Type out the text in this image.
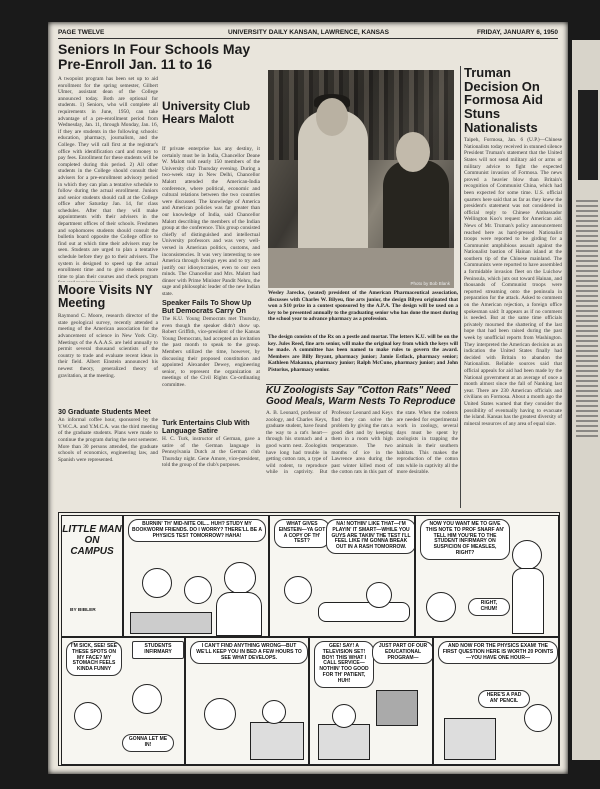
PAGE TWELVE	UNIVERSITY DAILY KANSAN, LAWRENCE, KANSAS	FRIDAY, JANUARY 6, 1950
Seniors In Four Schools May Pre-Enroll Jan. 11 to 16
A twopoint program has been set up to aid enrollment for the spring semester, Gilbert Ulmer, assistant dean of the College announced today. Both are optional for students. 1) Seniors, who will complete all requirements in June, 1950, can take advantage of a pre-enrollment period from Wednesday, Jan. 11, through Monday, Jan. 16, if they are students in the following schools: education, pharmacy, journalism, and the College. They will call first at the registrar's office with identification card and money to pay fees. Enrollment for these students will be completed during this period. 2) All other students in the College should consult their advisers for a pre-enrollment advisory period in which they can plan a tentative schedule to follow during the actual enrollment. Juniors and senior students should call at the College office after Saturday Jan. 14, for class schedules. After that they will make appointments with their advisers in the department offices of their schools. Freshmen and sophomores students should consult the bulletin board opposite the College office to find out at which time their advisers may be seen. Students are urged to plan a tentative schedule before they go to their advisers. The system is designed to speed up the actual enrollment time and to give students more time to plan their courses and check program
University Club Hears Malott
If private enterprise has any destiny, it certainly must be in India, Chancellor Deane W. Malott told nearly 150 members of the University club Thursday evening. During a two-week stay in New Delhi, Chancellor Malott attended the American-India conference, where political, economic and cultural relations between the two countries were discussed. The knowledge of America and American policies was far greater than our knowledge of India, said Chancellor Malott describing the members of the Indian group at the conference. This group consisted chiefly of distinguished and intellectual University professors and was very well-versed in American politics, customs, and inconsistencies. It was very interesting to see America through foreign eyes and to try and justify our idiosyncrasies, even to our own minds. The Chancellor and Mrs. Malott had dinner with Prime Minister Pandit Nehru, the sage and philosophic leader of the new Indian state.
Speaker Fails To Show Up But Democrats Carry On
The K.U. Young Democrats met Thursday, even though the speaker didn't show up. Robert Griffith, vice-president of the Kansas Young Democrats, had accepted an invitation the past month to speak to the group. Members utilized the time, however, by discussing their proposed constitution and appointed Alexander Dewey, engineering senior, to represent the organization at meetings of the Civil Rights Co-ordinating committee.
Turk Entertains Club With Language Satire
H. C. Turk, instructor of German, gave a satire of the German language in Pennsylvania Dutch at the German club Thursday night. Gene Amore, vice-president, told the group of the club's purposes.
Moore Visits NY Meeting
Raymond C. Moore, research director of the state geological survey, recently attended a meeting of the American association for the advancement of science in New York City. Meetings of the A.A.A.S. are held annually to permit several thousand scientists of the country to trade and evaluate recent ideas in their field. Albert Einstein announced his newest theory, generalized theory of gravitation, at the meeting.
30 Graduate Students Meet
An informal coffee hour, sponsored by the Y.W.C.A. and Y.M.C.A. was the third meeting of the graduate students. Plans were made to continue the program during the next semester. More than 30 persons attended, the graduate schools of economics, engineering law, and Spanish were represented.
Photo by Bob Blank
Wesley Jarecke, (seated) president of the American Pharmaceutical association, discusses with Charles W. Bilyeu, fine arts junior, the design Bilyeu originated that won a $10 prize in a contest sponsored by the A.P.A. The design will be used on a key to be presented annually to the graduating senior who has done the most during the school year to advance pharmacy as a profession.
The design consists of the Rx on a pestle and mortar. The letters K.U. will be on the key. Jules Reed, fine arts senior, will make the original key from which the keys will be made. A committee has been named to make rules to govern the award. Members are Billy Bryant, pharmacy junior; Jamie Estlack, pharmacy senior; Kathleen Makanna, pharmacy junior; Ralph McCune, pharmacy junior; and John Pistorius, pharmacy senior.
KU Zoologists Say "Cotton Rats" Need Good Meals, Warm Nests To Reproduce
A. B. Leonard, professor of zoology, and Charles Keys, graduate student, have found the way to a rat's heart—through his stomach and a good warm nest. Zoologists have long had trouble in getting cotton rats, a type of wild rodent, to reproduce while in captivity. But Professor Leonard and Keys find they can solve the problem by giving the rats a good diet and by keeping them in a room with high temperature. The two months of ice in the Lawrence area during the past winter killed most of the cotton rats in this part of the state. When the rodents are needed for experimental work in zoology, several days must be spent by zoologists in trapping the animals in their southern habitats. This makes the reproduction of the cotton rats while in captivity all the more desirable.
Truman Decision On Formosa Aid Stuns Nationalists
Taipeh, Formosa, Jan. 6 (U.P.)—Chinese Nationalists today received in stunned silence President Truman's statement that the United States will not send military aid or arms or military advice to fight the expected Communist invasion of Formosa. The news proved a heavier blow than Britain's recognition of Communist China, which had been expected for some time. U.S. official quarters here said that as far as they knew the president's statement was not considered in official reply to Chinese Ambassador Wellington Koo's request for American aid. News of Mr. Truman's policy announcement reached here as hard-pressed Nationalist troops were reported to be girding for a Communist amphibious assault against the Nationalist bastion of Hainan island at the southern tip of the Chinese mainland. The Communists were reported to have assembled a formidable invasion fleet on the Luichow Peninsula, which juts out toward Hainan, and thousands of Communist troops were reported streaming onto the peninsula in preparation for the attack. Asked to comment on the American rejection, a foreign office spokesman said: It appears as if no comment is needed. But at the same time officials privately mourned the shattering of the last hope that had been raised during the past week by unofficial reports from Washington. They interpreted the American decision as an indication the United States finally had decided with Britain to abandon the Nationalists. Reliable sources said that official appeals for aid had been made by the National government at an average of once a month almost since the fall of Nanking last year. There are 230 American officials and civilians on Formosa. About a month ago the United States warned that they consider the possibility of eventually having to evacuate the island. Kansas has the greatest diversity of mineral resources of any area of equal size.
LITTLE MAN ON CAMPUS
BY BIBLER
BURNIN' TH' MID-NITE OIL... HUH? STUDY MY BOOKWORM FRIENDS. DO I WORRY? THERE'LL BE A PHYSICS TEST TOMORROW? HAHA!
WHAT GIVES EINSTEIN—YA GOT A COPY OF TH' TEST?
NA! NOTHIN' LIKE THAT—I'M PLAYIN' IT SMART—WHILE YOU GUYS ARE TAKIN' THE TEST I'LL FEEL LIKE I'M GONNA BREAK OUT IN A RASH TOMORROW.
NOW YOU WANT ME TO GIVE THIS NOTE TO PROF SNARF AN' TELL HIM YOU'RE TO THE STUDENT INFIRMARY ON SUSPICION OF MEASLES, RIGHT?
RIGHT, CHUM!
I'M SICK, SEE! SEE THESE SPOTS ON MY FACE? MY STOMACH FEELS KINDA FUNNY
STUDENTS INFIRMARY
GONNA LET ME IN!
I CAN'T FIND ANYTHING WRONG—BUT WE'LL KEEP YOU IN BED A FEW HOURS TO SEE WHAT DEVELOPS.
GEE! SAY! A TELEVISION SET! BOY! THIS WHAT I CALL SERVICE—NOTHIN' TOO GOOD FOR TH' PATIENT, HUH!
JUST PART OF OUR EDUCATIONAL PROGRAM—
AND NOW FOR THE PHYSICS EXAM! THE FIRST QUESTION HERE IS WORTH 20 POINTS—YOU HAVE ONE HOUR—
HERE'S A PAD AN' PENCIL
